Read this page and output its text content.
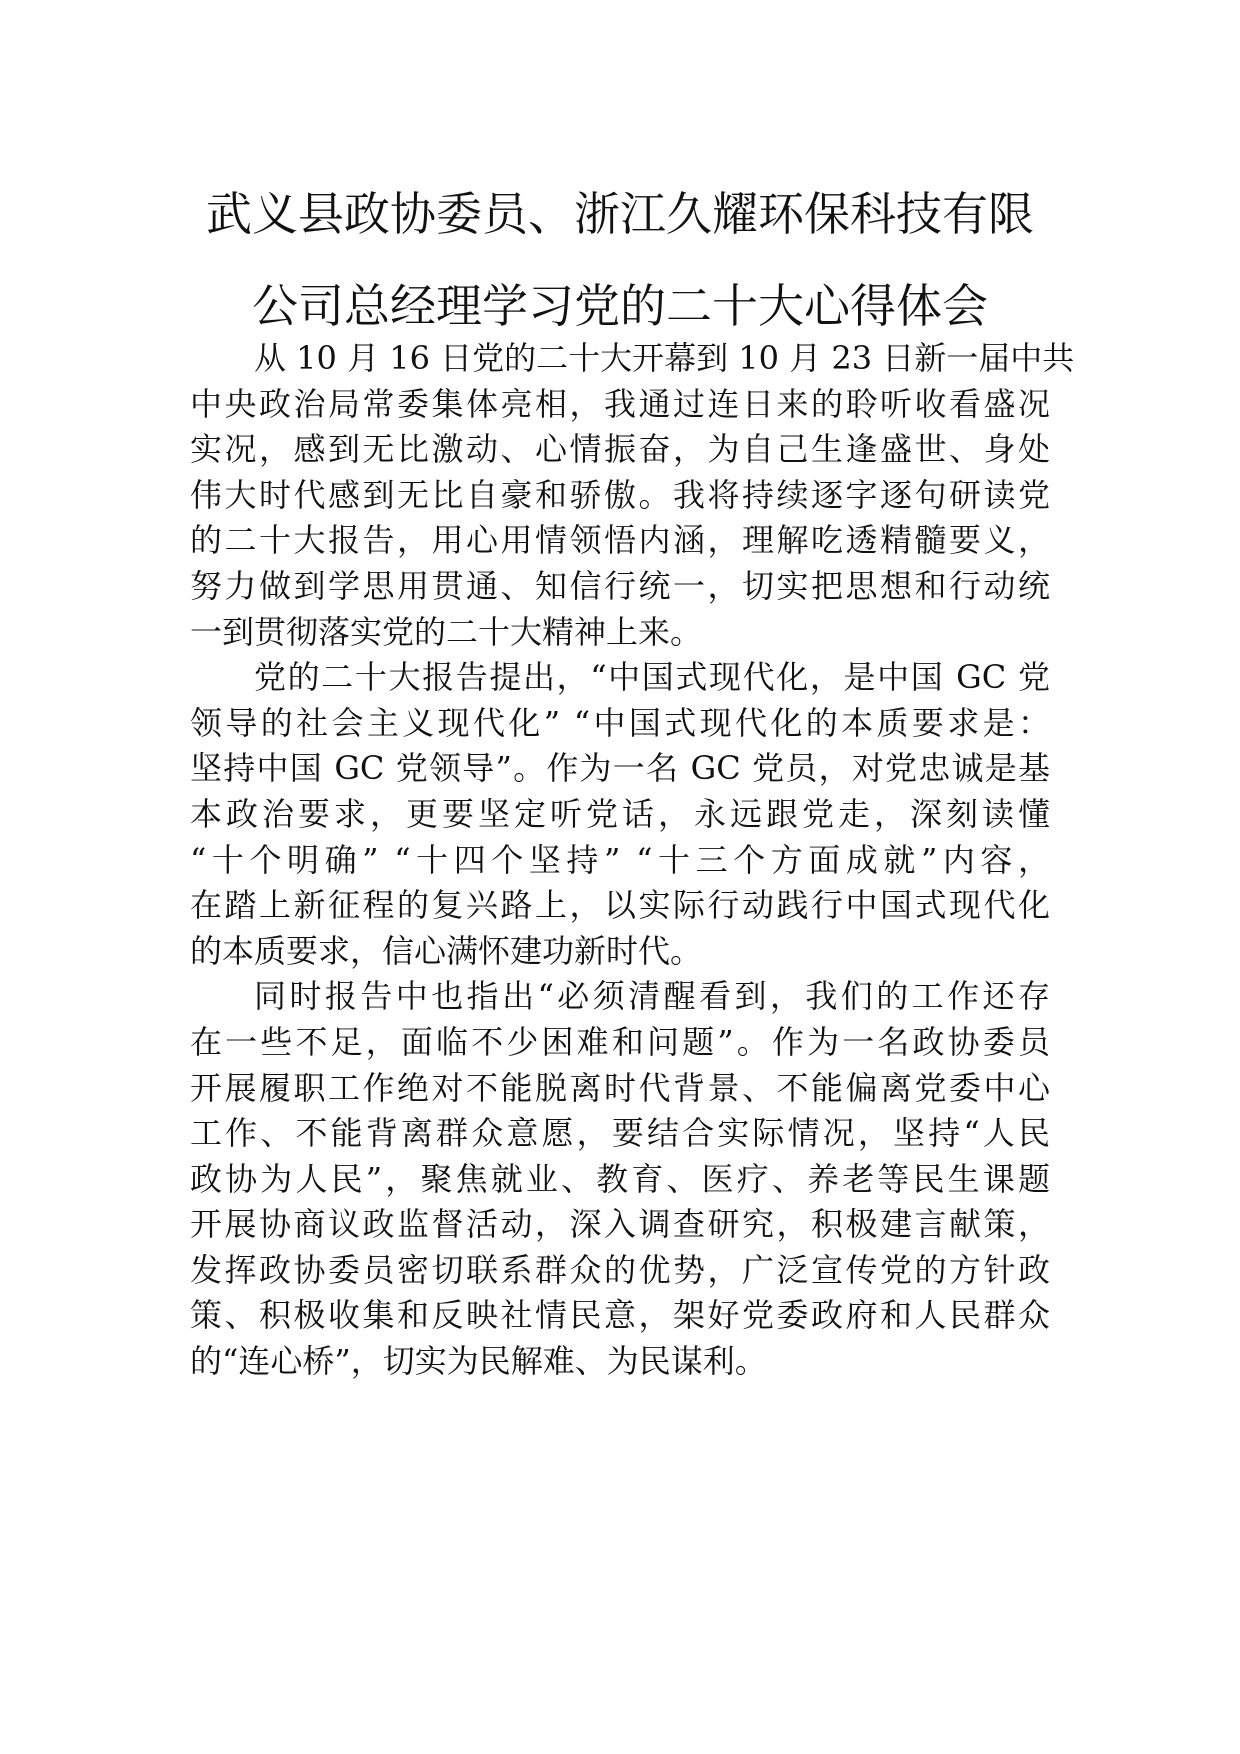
武义县政协委员、浙江久耀环保科技有限
公司总经理学习党的二十大心得体会

从 10 月 16 日党的二十大开幕到 10 月 23 日新一届中共
中央政治局常委集体亮相，我通过连日来的聆听收看盛况
实况，感到无比激动、心情振奋，为自己生逢盛世、身处
伟大时代感到无比自豪和骄傲。我将持续逐字逐句研读党
的二十大报告，用心用情领悟内涵，理解吃透精髓要义，
努力做到学思用贯通、知信行统一，切实把思想和行动统
一到贯彻落实党的二十大精神上来。

党的二十大报告提出，“中国式现代化，是中国 GC 党
领导的社会主义现代化” “中国式现代化的本质要求是：
坚持中国 GC 党领导”。作为一名 GC 党员，对党忠诚是基
本政治要求，更要坚定听党话，永远跟党走，深刻读懂
“十个明确” “十四个坚持” “十三个方面成就”内容，
在踏上新征程的复兴路上，以实际行动践行中国式现代化
的本质要求，信心满怀建功新时代。

同时报告中也指出“必须清醒看到，我们的工作还存
在一些不足，面临不少困难和问题”。作为一名政协委员
开展履职工作绝对不能脱离时代背景、不能偏离党委中心
工作、不能背离群众意愿，要结合实际情况，坚持“人民
政协为人民”，聚焦就业、教育、医疗、养老等民生课题
开展协商议政监督活动，深入调查研究，积极建言献策，
发挥政协委员密切联系群众的优势，广泛宣传党的方针政
策、积极收集和反映社情民意，架好党委政府和人民群众
的“连心桥”，切实为民解难、为民谋利。
